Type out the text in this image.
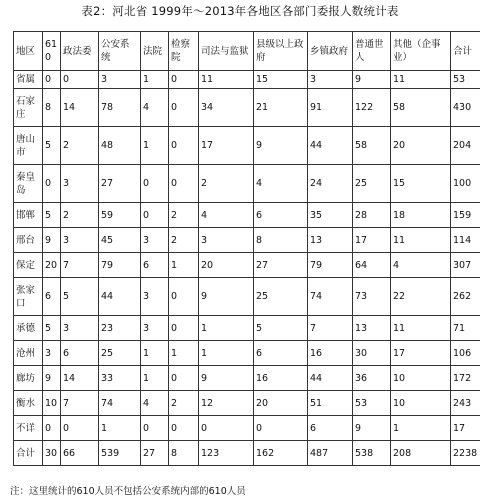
表2：河北省 1999年～2013年各地区各部门委报人数统计表
地区	610	政法委	公安系统	法院	检察院	司法与监狱	县级以上政府	乡镇政府	普通世人	其他（企事业）	合计
省属	0	0	3	1	0	11	15	3	9	11	53
石家庄	8	14	78	4	0	34	21	91	122	58	430
唐山市	5	2	48	1	0	17	9	44	58	20	204
秦皇岛	0	3	27	0	0	2	4	24	25	15	100
邯郸	5	2	59	0	2	4	6	35	28	18	159
邢台	9	3	45	3	2	3	8	13	17	11	114
保定	20	7	79	6	1	20	27	79	64	4	307
张家口	6	5	44	3	0	9	25	74	73	22	262
承德	5	3	23	3	0	1	5	7	13	11	71
沧州	3	6	25	1	1	1	6	16	30	17	106
廊坊	9	14	33	1	0	9	16	44	36	10	172
衡水	10	7	74	4	2	12	20	51	53	10	243
不详	0	0	1	0	0	0	0	6	9	1	17
合计	30	66	539	27	8	123	162	487	538	208	2238
注：这里统计的610人员不包括公安系统内部的610人员
